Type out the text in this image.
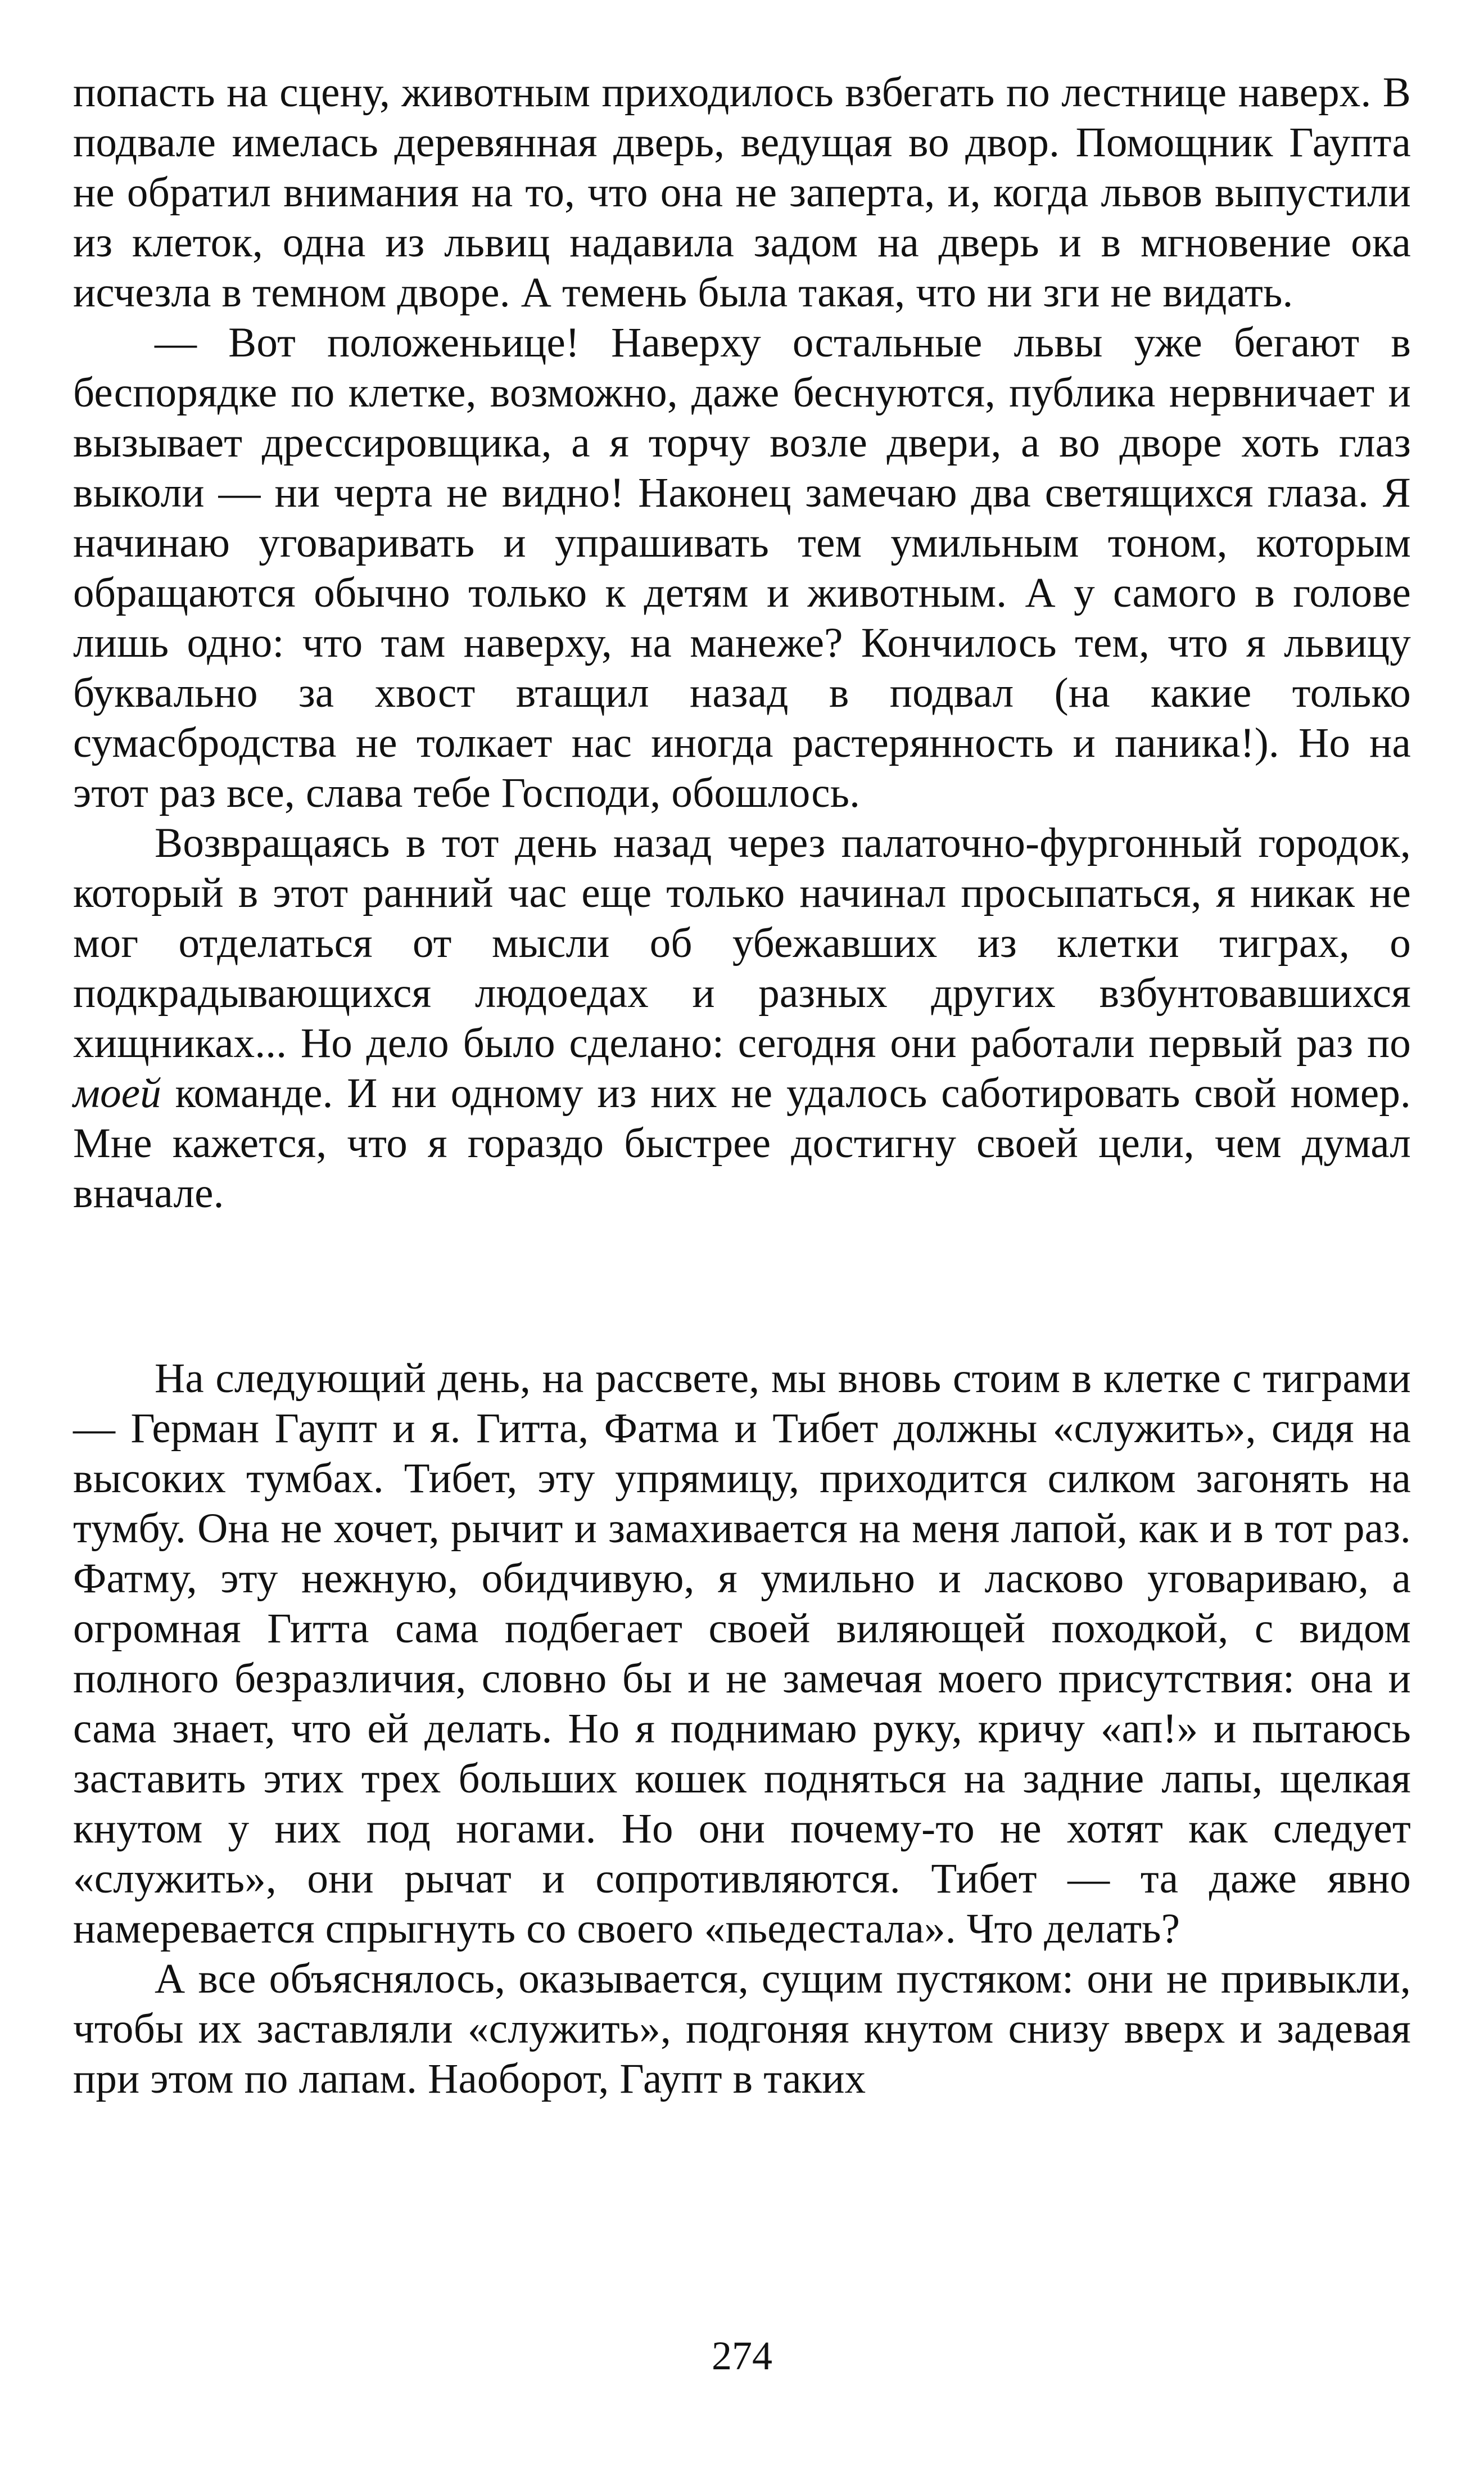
попасть на сцену, животным приходилось взбегать по лестнице наверх. В подвале имелась деревянная дверь, ведущая во двор. Помощник Гаупта не обратил внимания на то, что она не заперта, и, когда львов выпустили из клеток, одна из львиц надавила задом на дверь и в мгновение ока исчезла в темном дворе. А темень была такая, что ни зги не видать.

— Вот положеньице! Наверху остальные львы уже бегают в беспорядке по клетке, возможно, даже беснуются, публика нервничает и вызывает дрессировщика, а я торчу возле двери, а во дворе хоть глаз выколи — ни черта не видно! Наконец замечаю два светящихся глаза. Я начинаю уговаривать и упрашивать тем умильным тоном, которым обращаются обычно только к детям и животным. А у самого в голове лишь одно: что там наверху, на манеже? Кончилось тем, что я львицу буквально за хвост втащил назад в подвал (на какие только сумасбродства не толкает нас иногда растерянность и паника!). Но на этот раз все, слава тебе Господи, обошлось.

Возвращаясь в тот день назад через палаточно-фургонный городок, который в этот ранний час еще только начинал просыпаться, я никак не мог отделаться от мысли об убежавших из клетки тиграх, о подкрадывающихся людоедах и разных других взбунтовавшихся хищниках... Но дело было сделано: сегодня они работали первый раз по моей команде. И ни одному из них не удалось саботировать свой номер. Мне кажется, что я гораздо быстрее достигну своей цели, чем думал вначале.

На следующий день, на рассвете, мы вновь стоим в клетке с тиграми — Герман Гаупт и я. Гитта, Фатма и Тибет должны «служить», сидя на высоких тумбах. Тибет, эту упрямицу, приходится силком загонять на тумбу. Она не хочет, рычит и замахивается на меня лапой, как и в тот раз. Фатму, эту нежную, обидчивую, я умильно и ласково уговариваю, а огромная Гитта сама подбегает своей виляющей походкой, с видом полного безразличия, словно бы и не замечая моего присутствия: она и сама знает, что ей делать. Но я поднимаю руку, кричу «ап!» и пытаюсь заставить этих трех больших кошек подняться на задние лапы, щелкая кнутом у них под ногами. Но они почему-то не хотят как следует «служить», они рычат и сопротивляются. Тибет — та даже явно намеревается спрыгнуть со своего «пьедестала». Что делать?

А все объяснялось, оказывается, сущим пустяком: они не привыкли, чтобы их заставляли «служить», подгоняя кнутом снизу вверх и задевая при этом по лапам. Наоборот, Гаупт в таких

274
